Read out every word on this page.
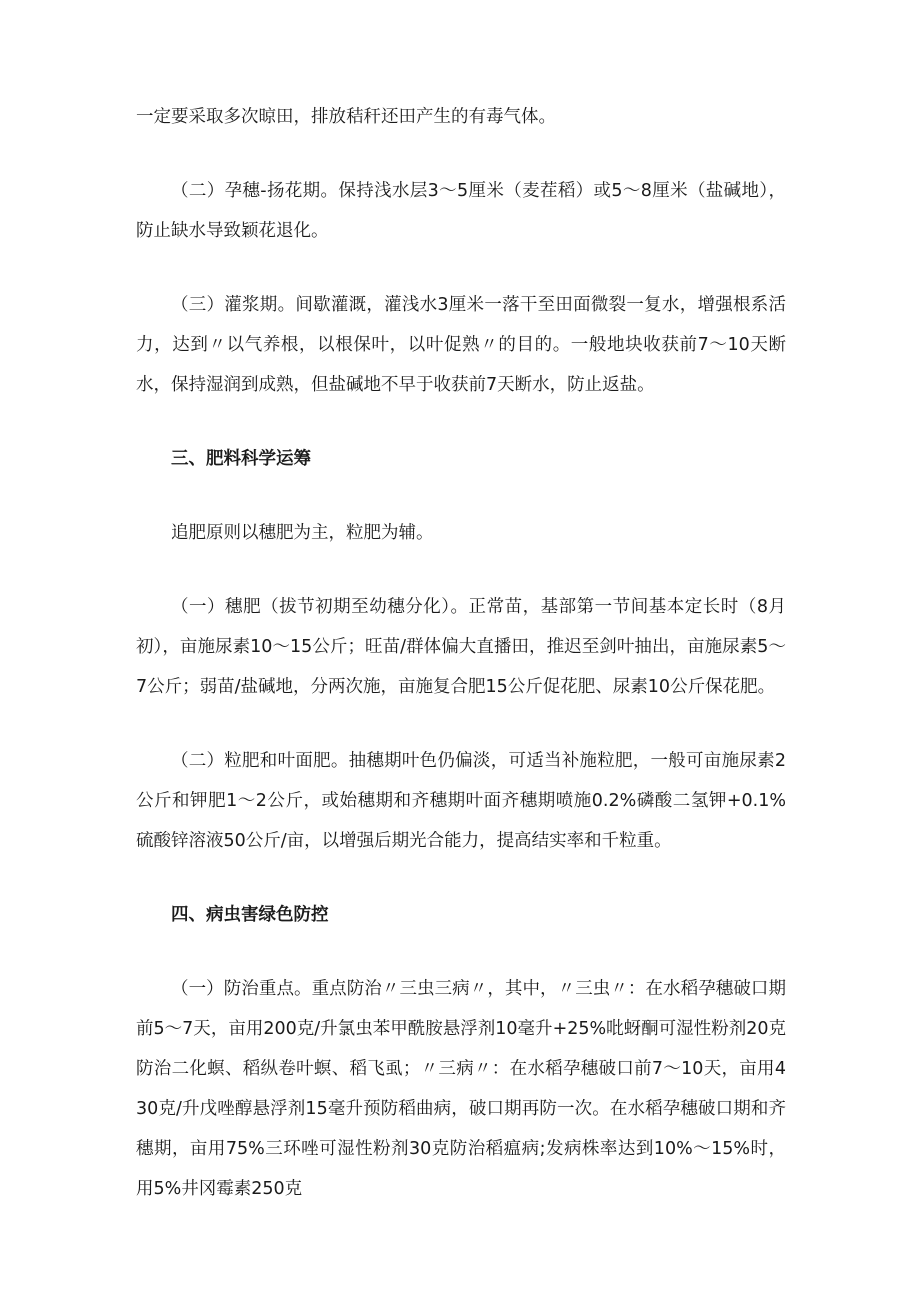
一定要采取多次晾田，排放秸秆还田产生的有毒气体。

（二）孕穗-扬花期。保持浅水层3～5厘米（麦茬稻）或5～8厘米（盐碱地），防止缺水导致颖花退化。

（三）灌浆期。间歇灌溉，灌浅水3厘米一落干至田面微裂一复水，增强根系活力，达到〃以气养根，以根保叶，以叶促熟〃的目的。一般地块收获前7～10天断水，保持湿润到成熟，但盐碱地不早于收获前7天断水，防止返盐。

三、肥料科学运筹

追肥原则以穗肥为主，粒肥为辅。

（一）穗肥（拔节初期至幼穗分化）。正常苗，基部第一节间基本定长时（8月初），亩施尿素10～15公斤；旺苗/群体偏大直播田，推迟至剑叶抽出，亩施尿素5～7公斤；弱苗/盐碱地，分两次施，亩施复合肥15公斤促花肥、尿素10公斤保花肥。

（二）粒肥和叶面肥。抽穗期叶色仍偏淡，可适当补施粒肥，一般可亩施尿素2公斤和钾肥1～2公斤，或始穗期和齐穗期叶面齐穗期喷施0.2%磷酸二氢钾+0.1%硫酸锌溶液50公斤/亩，以增强后期光合能力，提高结实率和千粒重。

四、病虫害绿色防控

（一）防治重点。重点防治〃三虫三病〃，其中，〃三虫〃：在水稻孕穗破口期前5～7天，亩用200克/升氯虫苯甲酰胺悬浮剂10毫升+25%吡蚜酮可湿性粉剂20克防治二化螟、稻纵卷叶螟、稻飞虱；〃三病〃：在水稻孕穗破口前7～10天，亩用430克/升戊唑醇悬浮剂15毫升预防稻曲病，破口期再防一次。在水稻孕穗破口期和齐穗期，亩用75%三环唑可湿性粉剂30克防治稻瘟病;发病株率达到10%～15%时，用5%井冈霉素250克
